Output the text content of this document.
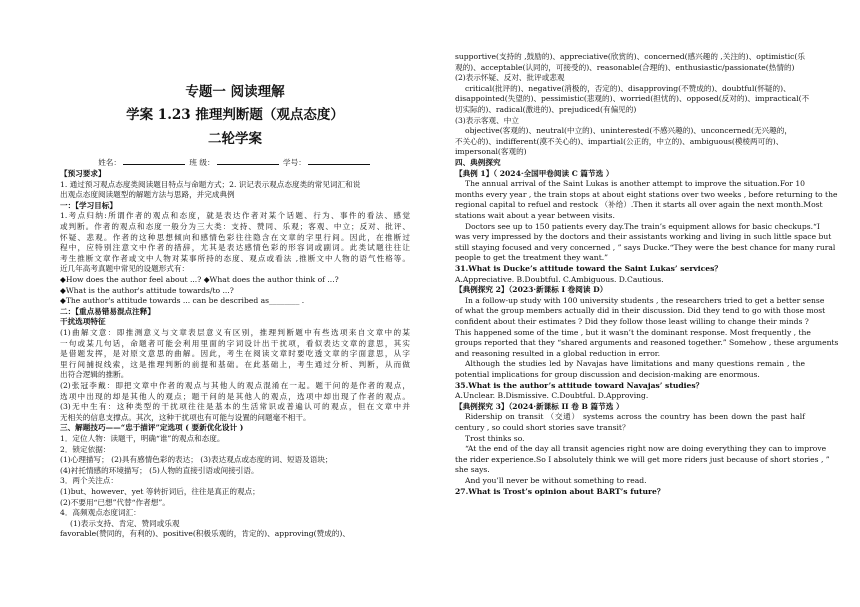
专题一 阅读理解
学案 1.23 推理判断题（观点态度）
二轮学案
姓名：	班 级：	学号：
【预习要求】
1. 通过预习观点态度类阅读题目特点与命题方式；2. 识记表示观点态度类的常见词汇和说
出观点态度阅读题型的解题方法与思路，并完成典例
一：【学习目标】
1.考点归纳:所谓作者的观点和态度，就是表达作者对某个话题、行为、事件的看法、感觉
或判断。作者的观点和态度一般分为三大类：支持、赞同、乐观；客观、中立；反对、批评、
怀疑、悲观。作者的这种思想倾向和感情色彩往往隐含在文章的字里行间。因此，在推断过
程中，应特别注意文中作者的措辞，尤其是表达感情色彩的形容词或副词。此类试题往往让
考生推断文章作者或文中人物对某事所持的态度、观点或看法 ,推断文中人物的语气性格等。
近几年高考真题中常见的设题形式有：
◆How does the author feel about ...? ◆What does the author think of ...?
◆What is the author's attitude towards/to ...?
◆The author's attitude towards ... can be described as________ .
二：【重点易错易混点注释】
干扰选项特征
(1)曲解文意：即推测意义与文章表层意义有区别，推理判断题中有些选项来自文章中的某
一句或某几句话，命题者可能会利用里面的字词设计出干扰项，看似表达文章的意思，其实
是借题发挥，是对原文意思的曲解。因此，考生在阅读文章时要吃透文章的字面意思，从字
里行间捕捉线索，这是推理判断的前提和基础。在此基础上，考生通过分析、判断，从而做
出符合逻辑的推断。
(2)张冠李戴：即把文章中作者的观点与其他人的观点混淆在一起。题干问的是作者的观点，
选项中出现的却是其他人的观点；题干问的是其他人的观点，选项中却出现了作者的观点。
(3)无中生有：这种类型的干扰项往往是基本的生活常识或普遍认可的观点，但在文章中并
无相关的信息支撑点。其次，这种干扰项也有可能与设置的问题毫不相干。
三、解题技巧——“忠于描评”定选项 ( 要新优化设计 )
1．定位人物：读题干，明确“谁”的观点和态度。
2．锁定依据：
(1)心理描写； (2)具有感情色彩的表达； (3)表达观点或态度的词、短语及语块；
(4)衬托情感的环境描写； (5)人物的直接引语或间接引语。
3．两个关注点：
(1)but、however、yet 等转折词后，往往是真正的观点；
(2)不要用“已想”代替“作者想”。
4．高频观点态度词汇：
(1)表示支持、肯定、赞同或乐观
favorable(赞同的，有利的)、positive(积极乐观的，肯定的)、approving(赞成的)、
supportive(支持的 ,鼓励的)、appreciative(欣赏的)、concerned(感兴趣的 ,关注的)、optimistic(乐
观的)、acceptable(认同的，可接受的)、reasonable(合理的)、enthusiastic/passionate(热情的)
(2)表示怀疑、反对、批评或悲观
critical(批评的)、negative(消极的，否定的)、disapproving(不赞成的)、doubtful(怀疑的)、
disappointed(失望的)、pessimistic(悲观的)、worried(担忧的)、opposed(反对的)、impractical(不
切实际的)、radical(激进的)、prejudiced(有偏见的)
(3)表示客观、中立
objective(客观的)、neutral(中立的)、uninterested(不感兴趣的)、unconcerned(无兴趣的，
不关心的)、indifferent(漠不关心的)、impartial(公正的，中立的)、ambiguous(模棱两可的)、
impersonal(客观的)
四、典例探究
【典例 1】（ 2024·全国甲卷阅读 C 篇节选 ）
The annual arrival of the Saint Lukas is another attempt to improve the situation.For 10
months every year , the train stops at about eight stations over two weeks , before returning to the
regional capital to refuel and restock （补给）.Then it starts all over again the next month.Most
stations wait about a year between visits.
Doctors see up to 150 patients every day.The train’s equipment allows for basic checkups.“I
was very impressed by the doctors and their assistants working and living in such little space but
still staying focused and very concerned , ” says Ducke.“They were the best chance for many rural
people to get the treatment they want.”
31.What is Ducke’s attitude toward the Saint Lukas’ services？
A.Appreciative. B.Doubtful. C.Ambiguous. D.Cautious.
【典例探究 2】（2023·新课标 I 卷阅读 D）
In a follow-up study with 100 university students , the researchers tried to get a better sense
of what the group members actually did in their discussion. Did they tend to go with those most
confident about their estimates ? Did they follow those least willing to change their minds ?
This happened some of the time , but it wasn’t the dominant response. Most frequently , the
groups reported that they “shared arguments and reasoned together.” Somehow , these arguments
and reasoning resulted in a global reduction in error.
Although the studies led by Navajas have limitations and many questions remain , the
potential implications for group discussion and decision-making are enormous.
35.What is the author’s attitude toward Navajas’ studies？
A.Unclear. B.Dismissive. C.Doubtful. D.Approving.
【典例探究 3】（2024·新课标 II 卷 B 篇节选 ）
Ridership on transit （交通） systems across the country has been down the past half
century , so could short stories save transit？
Trost thinks so.
“At the end of the day all transit agencies right now are doing everything they can to improve
the rider experience.So I absolutely think we will get more riders just because of short stories , ”
she says.
And you’ll never be without something to read.
27.What is Trost’s opinion about BART’s future？
